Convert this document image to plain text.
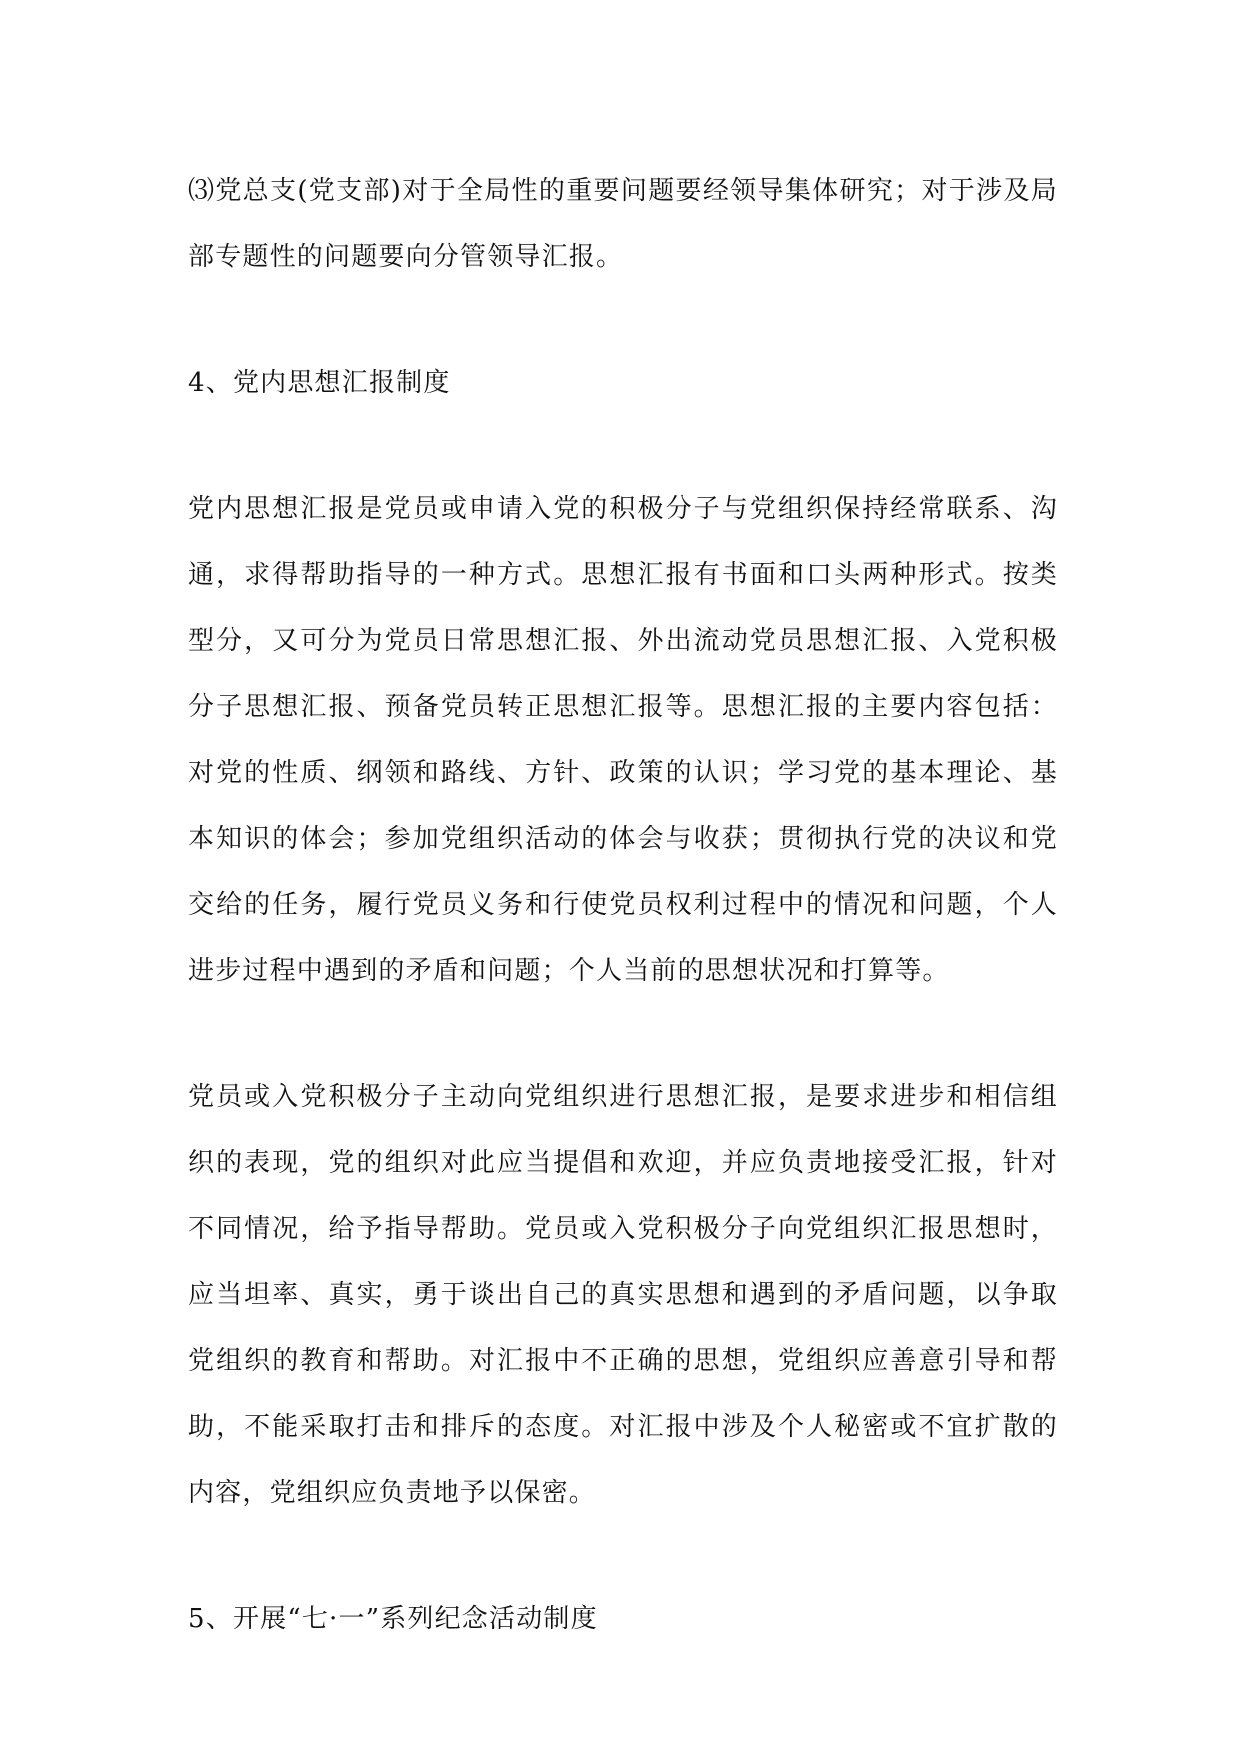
⑶党总支(党支部)对于全局性的重要问题要经领导集体研究；对于涉及局部专题性的问题要向分管领导汇报。

4、党内思想汇报制度

党内思想汇报是党员或申请入党的积极分子与党组织保持经常联系、沟通，求得帮助指导的一种方式。思想汇报有书面和口头两种形式。按类型分，又可分为党员日常思想汇报、外出流动党员思想汇报、入党积极分子思想汇报、预备党员转正思想汇报等。思想汇报的主要内容包括：对党的性质、纲领和路线、方针、政策的认识；学习党的基本理论、基本知识的体会；参加党组织活动的体会与收获；贯彻执行党的决议和党交给的任务，履行党员义务和行使党员权利过程中的情况和问题，个人进步过程中遇到的矛盾和问题；个人当前的思想状况和打算等。

党员或入党积极分子主动向党组织进行思想汇报，是要求进步和相信组织的表现，党的组织对此应当提倡和欢迎，并应负责地接受汇报，针对不同情况，给予指导帮助。党员或入党积极分子向党组织汇报思想时，应当坦率、真实，勇于谈出自己的真实思想和遇到的矛盾问题，以争取党组织的教育和帮助。对汇报中不正确的思想，党组织应善意引导和帮助，不能采取打击和排斥的态度。对汇报中涉及个人秘密或不宜扩散的内容，党组织应负责地予以保密。

5、开展“七·一”系列纪念活动制度
